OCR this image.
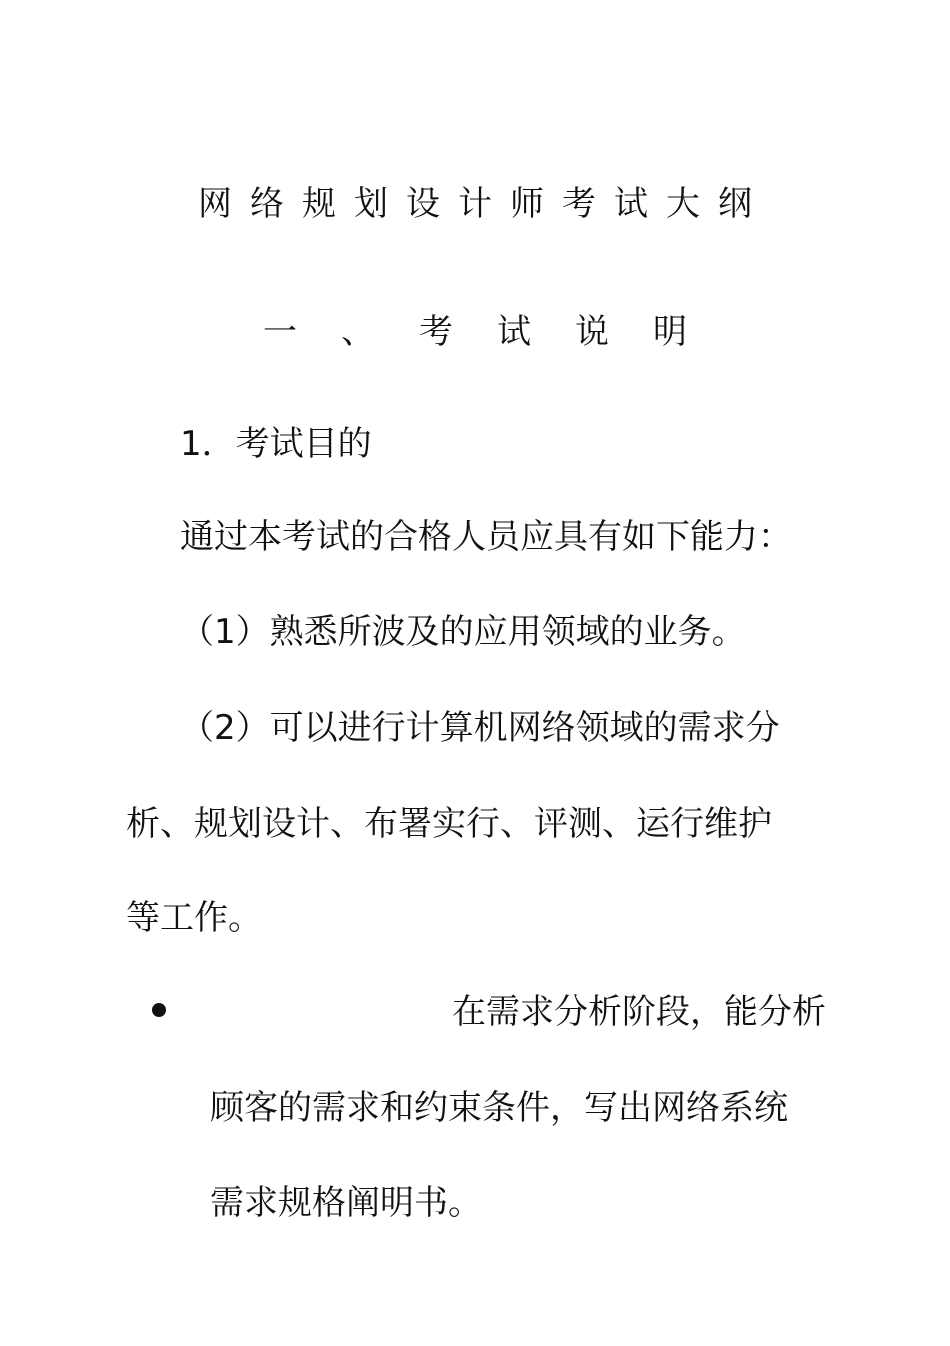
网络规划设计师考试大纲
一、考试说明
1．考试目的
通过本考试的合格人员应具有如下能力：
（1）熟悉所波及的应用领域的业务。
（2）可以进行计算机网络领域的需求分
析、规划设计、布署实行、评测、运行维护
等工作。
在需求分析阶段，能分析
顾客的需求和约束条件，写出网络系统
需求规格阐明书。
